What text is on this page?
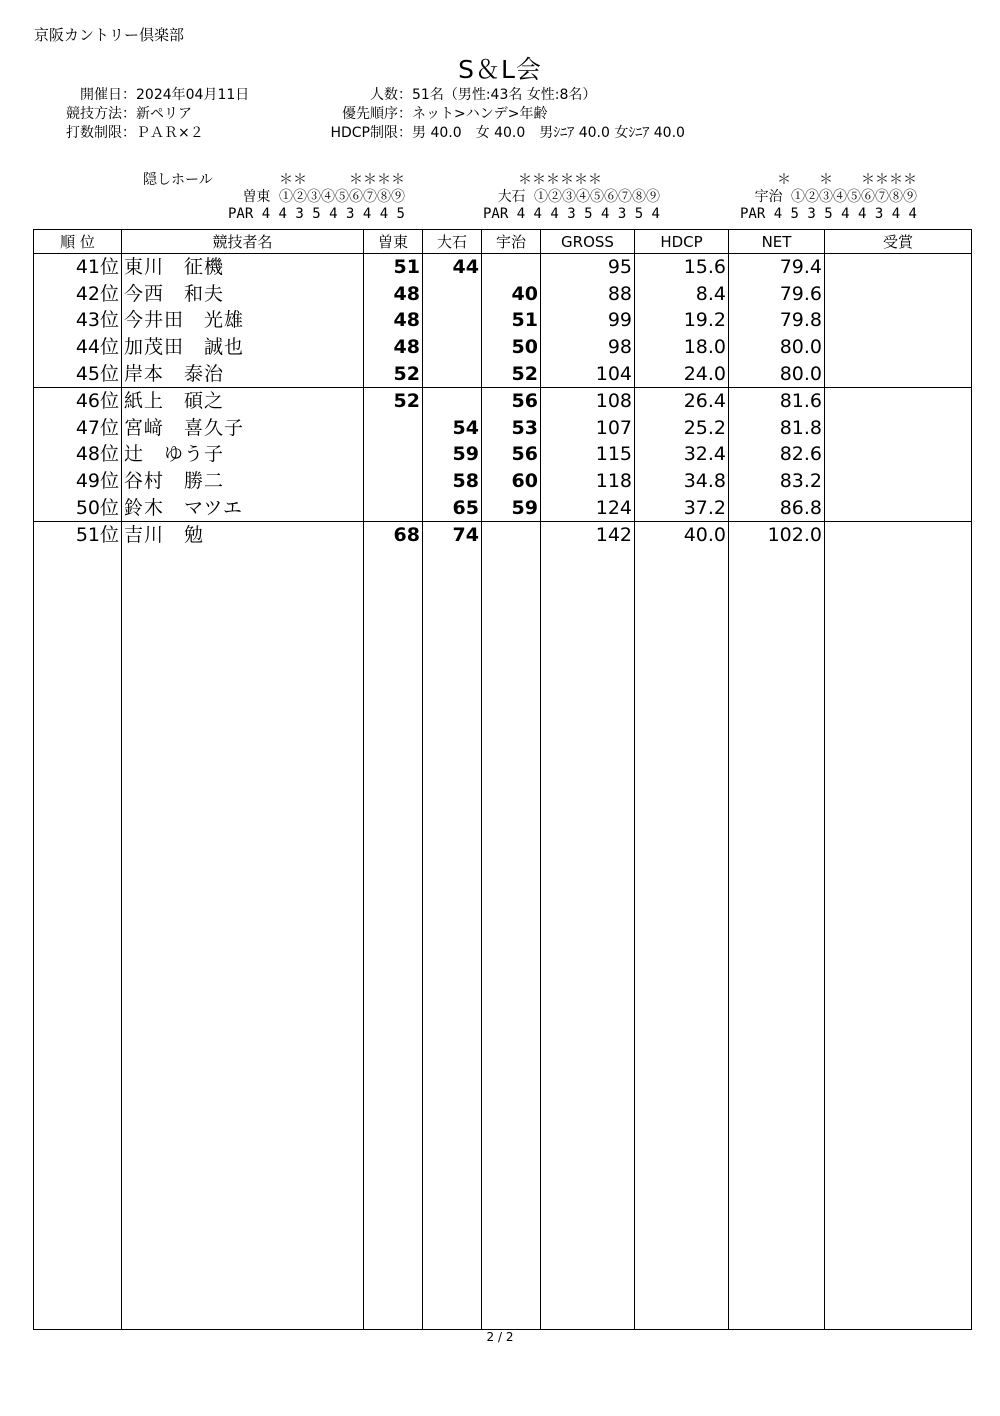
京阪カントリー倶楽部
S＆L会
開催日：2024年04月11日
競技方法：新ペリア
打数制限：ＰＡＲ×２
人数：51名（男性:43名 女性:8名）
優先順序：ネット>ハンデ>年齢
HDCP制限：男 40.0　女 40.0　男ｼﾆｱ 40.0 女ｼﾆｱ 40.0
隠しホール	＊＊　　　＊＊＊＊
曽東 ①②③④⑤⑥⑦⑧⑨
PAR 4 4 3 5 4 3 4 4 5
＊＊＊＊＊＊
大石 ①②③④⑤⑥⑦⑧⑨
PAR 4 4 4 3 5 4 3 5 4
＊　　＊　　＊＊＊＊
宇治 ①②③④⑤⑥⑦⑧⑨
PAR 4 5 3 5 4 4 3 4 4
順 位	競技者名	曽東	大石	宇治	GROSS	HDCP	NET	受賞
41位	東川　征機	51	44		95	15.6	79.4	
42位	今西　和夫	48		40	88	8.4	79.6	
43位	今井田　光雄	48		51	99	19.2	79.8	
44位	加茂田　誠也	48		50	98	18.0	80.0	
45位	岸本　泰治	52		52	104	24.0	80.0	
46位	紙上　碩之	52		56	108	26.4	81.6	
47位	宮﨑　喜久子		54	53	107	25.2	81.8	
48位	辻　ゆう子		59	56	115	32.4	82.6	
49位	谷村　勝二		58	60	118	34.8	83.2	
50位	鈴木　マツエ		65	59	124	37.2	86.8	
51位	吉川　勉	68	74		142	40.0	102.0	

2 / 2
